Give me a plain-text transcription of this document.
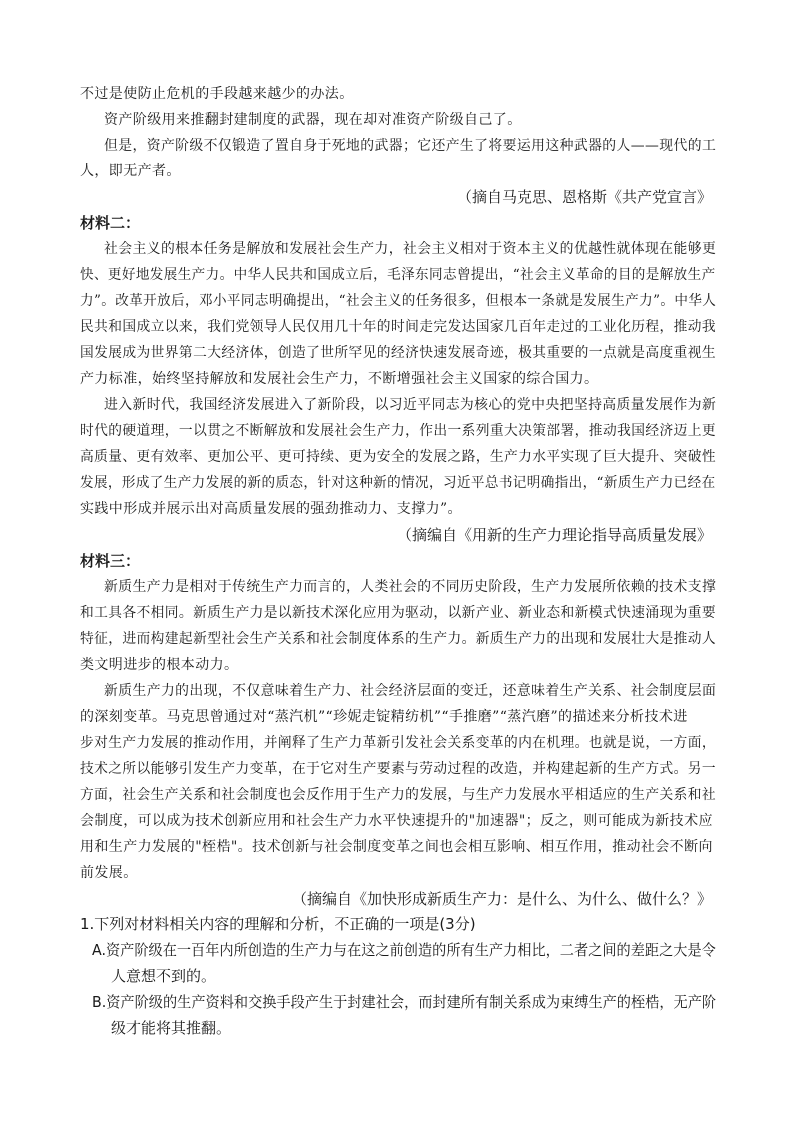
不过是使防止危机的手段越来越少的办法。
资产阶级用来推翻封建制度的武器，现在却对准资产阶级自己了。
但是，资产阶级不仅锻造了置自身于死地的武器；它还产生了将要运用这种武器的人——现代的工
人，即无产者。
（摘自马克思、恩格斯《共产党宣言》
材料二：
社会主义的根本任务是解放和发展社会生产力，社会主义相对于资本主义的优越性就体现在能够更
快、更好地发展生产力。中华人民共和国成立后，毛泽东同志曾提出，“社会主义革命的目的是解放生产
力”。改革开放后，邓小平同志明确提出，“社会主义的任务很多，但根本一条就是发展生产力”。中华人
民共和国成立以来，我们党领导人民仅用几十年的时间走完发达国家几百年走过的工业化历程，推动我
国发展成为世界第二大经济体，创造了世所罕见的经济快速发展奇迹，极其重要的一点就是高度重视生
产力标准，始终坚持解放和发展社会生产力，不断增强社会主义国家的综合国力。
进入新时代，我国经济发展进入了新阶段，以习近平同志为核心的党中央把坚持高质量发展作为新
时代的硬道理，一以贯之不断解放和发展社会生产力，作出一系列重大决策部署，推动我国经济迈上更
高质量、更有效率、更加公平、更可持续、更为安全的发展之路，生产力水平实现了巨大提升、突破性
发展，形成了生产力发展的新的质态，针对这种新的情况，习近平总书记明确指出，“新质生产力已经在
实践中形成并展示出对高质量发展的强劲推动力、支撑力”。
（摘编自《用新的生产力理论指导高质量发展》
材料三：
新质生产力是相对于传统生产力而言的，人类社会的不同历史阶段，生产力发展所依赖的技术支撑
和工具各不相同。新质生产力是以新技术深化应用为驱动，以新产业、新业态和新模式快速涌现为重要
特征，进而构建起新型社会生产关系和社会制度体系的生产力。新质生产力的出现和发展壮大是推动人
类文明进步的根本动力。
新质生产力的出现，不仅意味着生产力、社会经济层面的变迁，还意味着生产关系、社会制度层面
的深刻变革。马克思曾通过对“蒸汽机”“珍妮走锭精纺机”“手推磨”“蒸汽磨”的描述来分析技术进
步对生产力发展的推动作用，并阐释了生产力革新引发社会关系变革的内在机理。也就是说，一方面，
技术之所以能够引发生产力变革，在于它对生产要素与劳动过程的改造，并构建起新的生产方式。另一
方面，社会生产关系和社会制度也会反作用于生产力的发展，与生产力发展水平相适应的生产关系和社
会制度，可以成为技术创新应用和社会生产力水平快速提升的"加速器"；反之，则可能成为新技术应
用和生产力发展的"桎梏"。技术创新与社会制度变革之间也会相互影响、相互作用，推动社会不断向
前发展。
（摘编自《加快形成新质生产力：是什么、为什么、做什么？》
1.下列对材料相关内容的理解和分析，不正确的一项是(3分)
A.资产阶级在一百年内所创造的生产力与在这之前创造的所有生产力相比，二者之间的差距之大是令
人意想不到的。
B.资产阶级的生产资料和交换手段产生于封建社会，而封建所有制关系成为束缚生产的桎梏，无产阶
级才能将其推翻。
